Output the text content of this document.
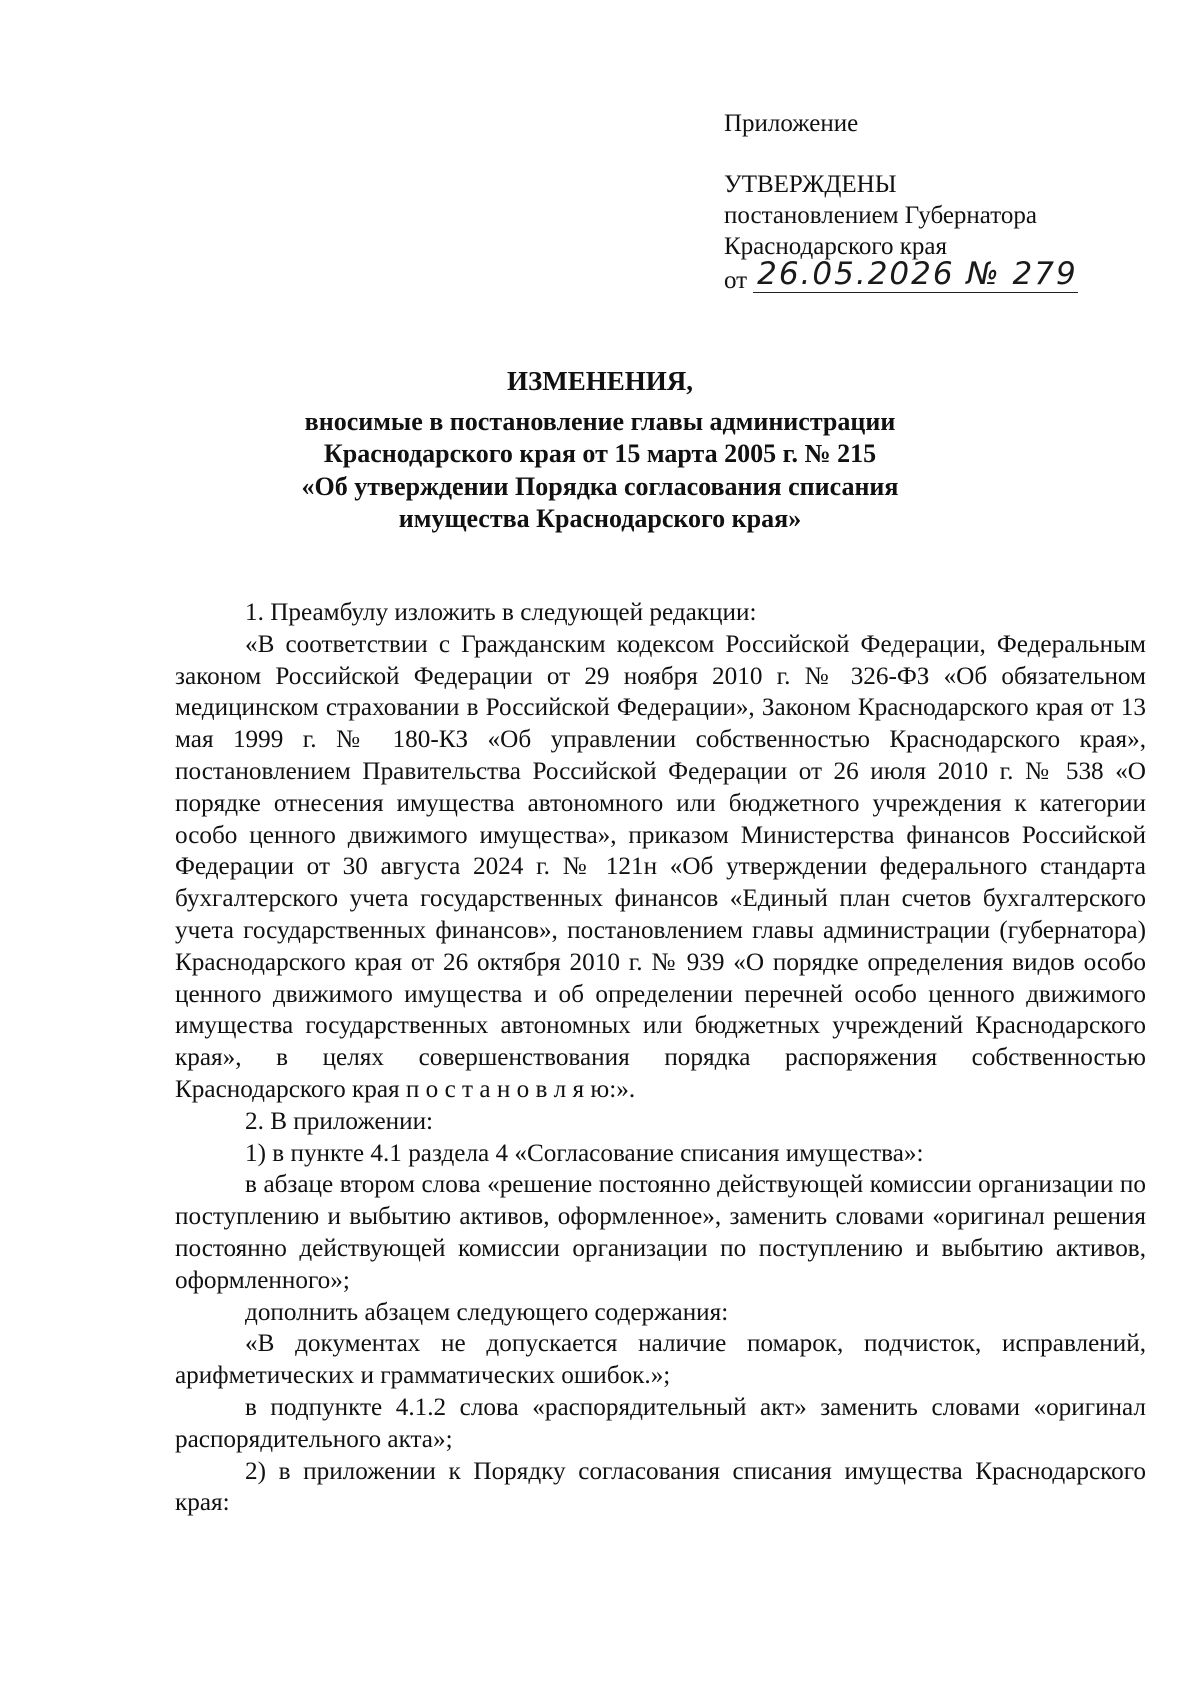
Приложение
УТВЕРЖДЕНЫ
постановлением Губернатора
Краснодарского края
от 26.05.2026 № 279
ИЗМЕНЕНИЯ,
вносимые в постановление главы администрации
Краснодарского края от 15 марта 2005 г. № 215
«Об утверждении Порядка согласования списания
имущества Краснодарского края»
1. Преамбулу изложить в следующей редакции:
«В соответствии с Гражданским кодексом Российской Федерации, Федеральным законом Российской Федерации от 29 ноября 2010 г. № 326-ФЗ «Об обязательном медицинском страховании в Российской Федерации», Законом Краснодарского края от 13 мая 1999 г. № 180-КЗ «Об управлении собственностью Краснодарского края», постановлением Правительства Российской Федерации от 26 июля 2010 г. № 538 «О порядке отнесения имущества автономного или бюджетного учреждения к категории особо ценного движимого имущества», приказом Министерства финансов Российской Федерации от 30 августа 2024 г. № 121н «Об утверждении федерального стандарта бухгалтерского учета государственных финансов «Единый план счетов бухгалтерского учета государственных финансов», постановлением главы администрации (губернатора) Краснодарского края от 26 октября 2010 г. № 939 «О порядке определения видов особо ценного движимого имущества и об определении перечней особо ценного движимого имущества государственных автономных или бюджетных учреждений Краснодарского края», в целях совершенствования порядка распоряжения собственностью Краснодарского края п о с т а н о в л я ю:».
2. В приложении:
1) в пункте 4.1 раздела 4 «Согласование списания имущества»:
в абзаце втором слова «решение постоянно действующей комиссии организации по поступлению и выбытию активов, оформленное», заменить словами «оригинал решения постоянно действующей комиссии организации по поступлению и выбытию активов, оформленного»;
дополнить абзацем следующего содержания:
«В документах не допускается наличие помарок, подчисток, исправлений, арифметических и грамматических ошибок.»;
в подпункте 4.1.2 слова «распорядительный акт» заменить словами «оригинал распорядительного акта»;
2) в приложении к Порядку согласования списания имущества Краснодарского края:
